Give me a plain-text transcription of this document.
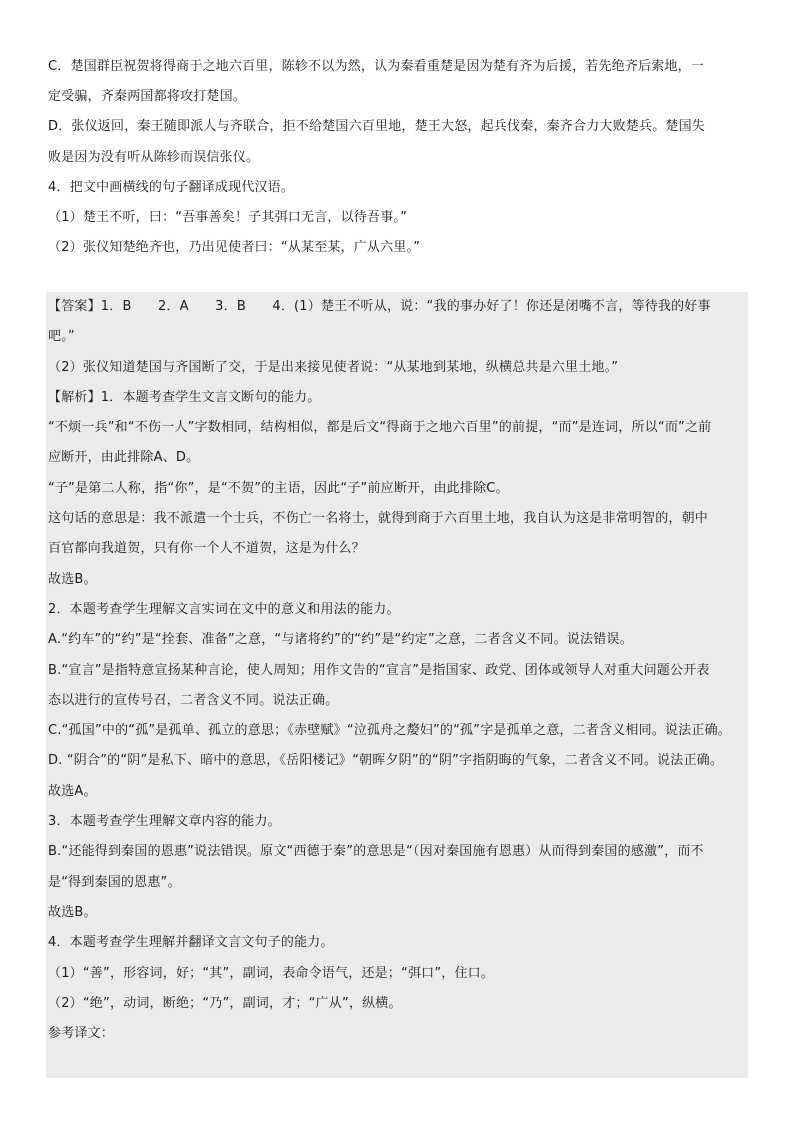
C．楚国群臣祝贺将得商于之地六百里，陈轸不以为然，认为秦看重楚是因为楚有齐为后援，若先绝齐后索地，一
定受骗，齐秦两国都将攻打楚国。
D．张仪返回，秦王随即派人与齐联合，拒不给楚国六百里地，楚王大怒，起兵伐秦，秦齐合力大败楚兵。楚国失
败是因为没有听从陈轸而误信张仪。
4．把文中画横线的句子翻译成现代汉语。
（1）楚王不听，曰：“吾事善矣！子其弭口无言，以待吾事。”
（2）张仪知楚绝齐也，乃出见使者曰：“从某至某，广从六里。”
【答案】1．B　　2．A　　3．B　　4．(1）楚王不听从，说：“我的事办好了！你还是闭嘴不言，等待我的好事
吧。”
（2）张仪知道楚国与齐国断了交，于是出来接见使者说：“从某地到某地，纵横总共是六里土地。”
【解析】1．本题考查学生文言文断句的能力。
“不烦一兵”和“不伤一人”字数相同，结构相似，都是后文“得商于之地六百里”的前提，“而”是连词，所以“而”之前
应断开，由此排除A、D。
“子”是第二人称，指“你”，是“不贺”的主语，因此“子”前应断开，由此排除C。
这句话的意思是：我不派遣一个士兵，不伤亡一名将士，就得到商于六百里土地，我自认为这是非常明智的，朝中
百官都向我道贺，只有你一个人不道贺，这是为什么？
故选B。
2．本题考查学生理解文言实词在文中的意义和用法的能力。
A.“约车”的“约”是“拴套、准备”之意，“与诸将约”的“约”是“约定”之意，二者含义不同。说法错误。
B.“宣言”是指特意宣扬某种言论，使人周知；用作文告的“宣言”是指国家、政党、团体或领导人对重大问题公开表
态以进行的宣传号召，二者含义不同。说法正确。
C.“孤国”中的“孤”是孤单、孤立的意思；《赤壁赋》“泣孤舟之嫠妇”的“孤”字是孤单之意，二者含义相同。说法正确。
D. “阴合”的“阴”是私下、暗中的意思，《岳阳楼记》“朝晖夕阴”的“阴”字指阴晦的气象，二者含义不同。说法正确。
故选A。
3．本题考查学生理解文章内容的能力。
B.“还能得到秦国的恩惠”说法错误。原文“西德于秦”的意思是“（因对秦国施有恩惠）从而得到秦国的感激”，而不
是“得到秦国的恩惠”。
故选B。
4．本题考查学生理解并翻译文言文句子的能力。
（1）“善”，形容词，好；“其”，副词，表命令语气，还是；“弭口”，住口。
（2）“绝”，动词，断绝；“乃”，副词，才；“广从”，纵横。
参考译文：
